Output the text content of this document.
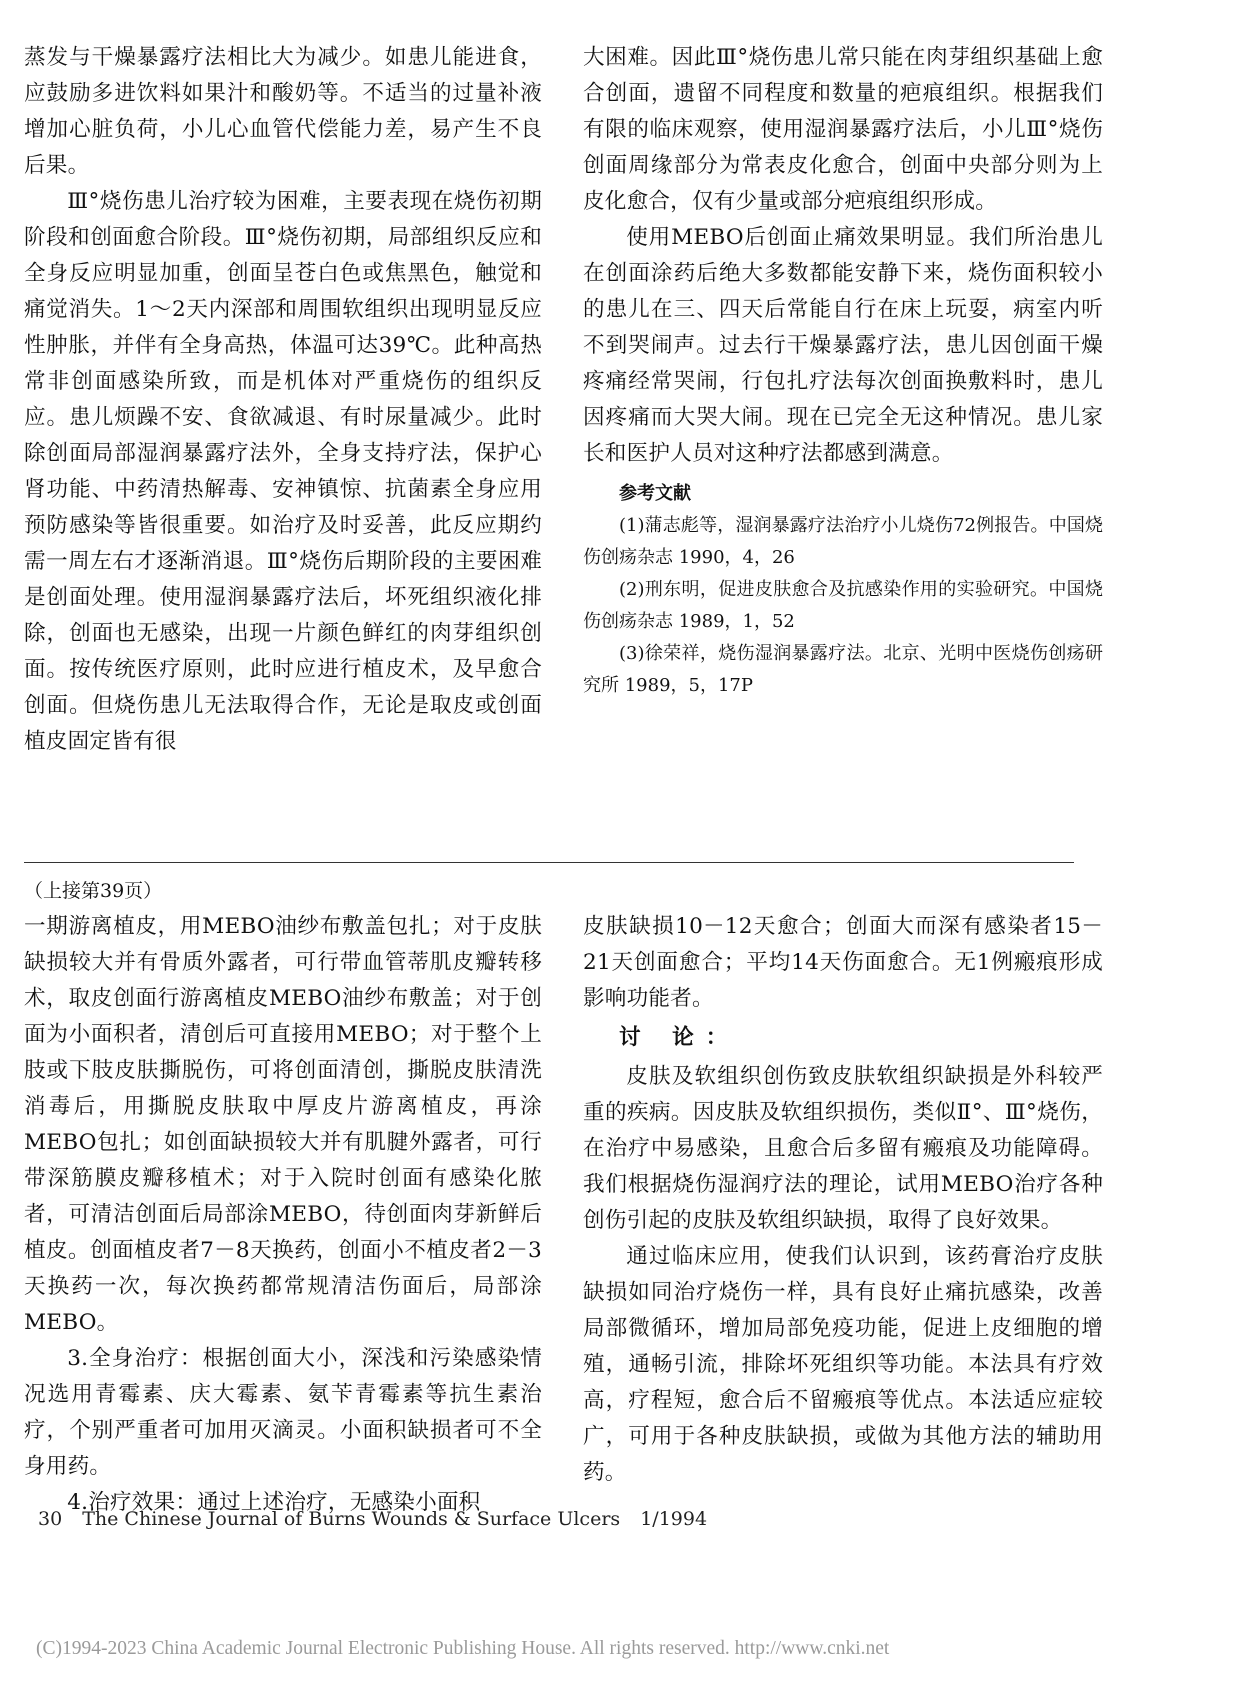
蒸发与干燥暴露疗法相比大为减少。如患儿能进食，应鼓励多进饮料如果汁和酸奶等。不适当的过量补液增加心脏负荷，小儿心血管代偿能力差，易产生不良后果。

Ⅲ°烧伤患儿治疗较为困难，主要表现在烧伤初期阶段和创面愈合阶段。Ⅲ°烧伤初期，局部组织反应和全身反应明显加重，创面呈苍白色或焦黑色，触觉和痛觉消失。1～2天内深部和周围软组织出现明显反应性肿胀，并伴有全身高热，体温可达39℃。此种高热常非创面感染所致，而是机体对严重烧伤的组织反应。患儿烦躁不安、食欲减退、有时尿量减少。此时除创面局部湿润暴露疗法外，全身支持疗法，保护心肾功能、中药清热解毒、安神镇惊、抗菌素全身应用预防感染等皆很重要。如治疗及时妥善，此反应期约需一周左右才逐渐消退。Ⅲ°烧伤后期阶段的主要困难是创面处理。使用湿润暴露疗法后，坏死组织液化排除，创面也无感染，出现一片颜色鲜红的肉芽组织创面。按传统医疗原则，此时应进行植皮术，及早愈合创面。但烧伤患儿无法取得合作，无论是取皮或创面植皮固定皆有很

大困难。因此Ⅲ°烧伤患儿常只能在肉芽组织基础上愈合创面，遗留不同程度和数量的疤痕组织。根据我们有限的临床观察，使用湿润暴露疗法后，小儿Ⅲ°烧伤创面周缘部分为常表皮化愈合，创面中央部分则为上皮化愈合，仅有少量或部分疤痕组织形成。

使用MEBO后创面止痛效果明显。我们所治患儿在创面涂药后绝大多数都能安静下来，烧伤面积较小的患儿在三、四天后常能自行在床上玩耍，病室内听不到哭闹声。过去行干燥暴露疗法，患儿因创面干燥疼痛经常哭闹，行包扎疗法每次创面换敷料时，患儿因疼痛而大哭大闹。现在已完全无这种情况。患儿家长和医护人员对这种疗法都感到满意。

参考文献

(1)蒲志彪等，湿润暴露疗法治疗小儿烧伤72例报告。中国烧伤创疡杂志 1990，4，26

(2)刑东明，促进皮肤愈合及抗感染作用的实验研究。中国烧伤创疡杂志 1989，1，52

(3)徐荣祥，烧伤湿润暴露疗法。北京、光明中医烧伤创疡研究所 1989，5，17P

（上接第39页）

一期游离植皮，用MEBO油纱布敷盖包扎；对于皮肤缺损较大并有骨质外露者，可行带血管蒂肌皮瓣转移术，取皮创面行游离植皮MEBO油纱布敷盖；对于创面为小面积者，清创后可直接用MEBO；对于整个上肢或下肢皮肤撕脱伤，可将创面清创，撕脱皮肤清洗消毒后，用撕脱皮肤取中厚皮片游离植皮，再涂MEBO包扎；如创面缺损较大并有肌腱外露者，可行带深筋膜皮瓣移植术；对于入院时创面有感染化脓者，可清洁创面后局部涂MEBO，待创面肉芽新鲜后植皮。创面植皮者7－8天换药，创面小不植皮者2－3天换药一次，每次换药都常规清洁伤面后，局部涂MEBO。

3.全身治疗：根据创面大小，深浅和污染感染情况选用青霉素、庆大霉素、氨苄青霉素等抗生素治疗，个别严重者可加用灭滴灵。小面积缺损者可不全身用药。

4.治疗效果：通过上述治疗，无感染小面积

皮肤缺损10－12天愈合；创面大而深有感染者15－21天创面愈合；平均14天伤面愈合。无1例瘢痕形成影响功能者。

讨 论：

皮肤及软组织创伤致皮肤软组织缺损是外科较严重的疾病。因皮肤及软组织损伤，类似Ⅱ°、Ⅲ°烧伤，在治疗中易感染，且愈合后多留有瘢痕及功能障碍。我们根据烧伤湿润疗法的理论，试用MEBO治疗各种创伤引起的皮肤及软组织缺损，取得了良好效果。

通过临床应用，使我们认识到，该药膏治疗皮肤缺损如同治疗烧伤一样，具有良好止痛抗感染，改善局部微循环，增加局部免疫功能，促进上皮细胞的增殖，通畅引流，排除坏死组织等功能。本法具有疗效高，疗程短，愈合后不留瘢痕等优点。本法适应症较广，可用于各种皮肤缺损，或做为其他方法的辅助用药。

30 The Chinese Journal of Burns Wounds & Surface Ulcers 1/1994
(C)1994-2023 China Academic Journal Electronic Publishing House. All rights reserved. http://www.cnki.net
